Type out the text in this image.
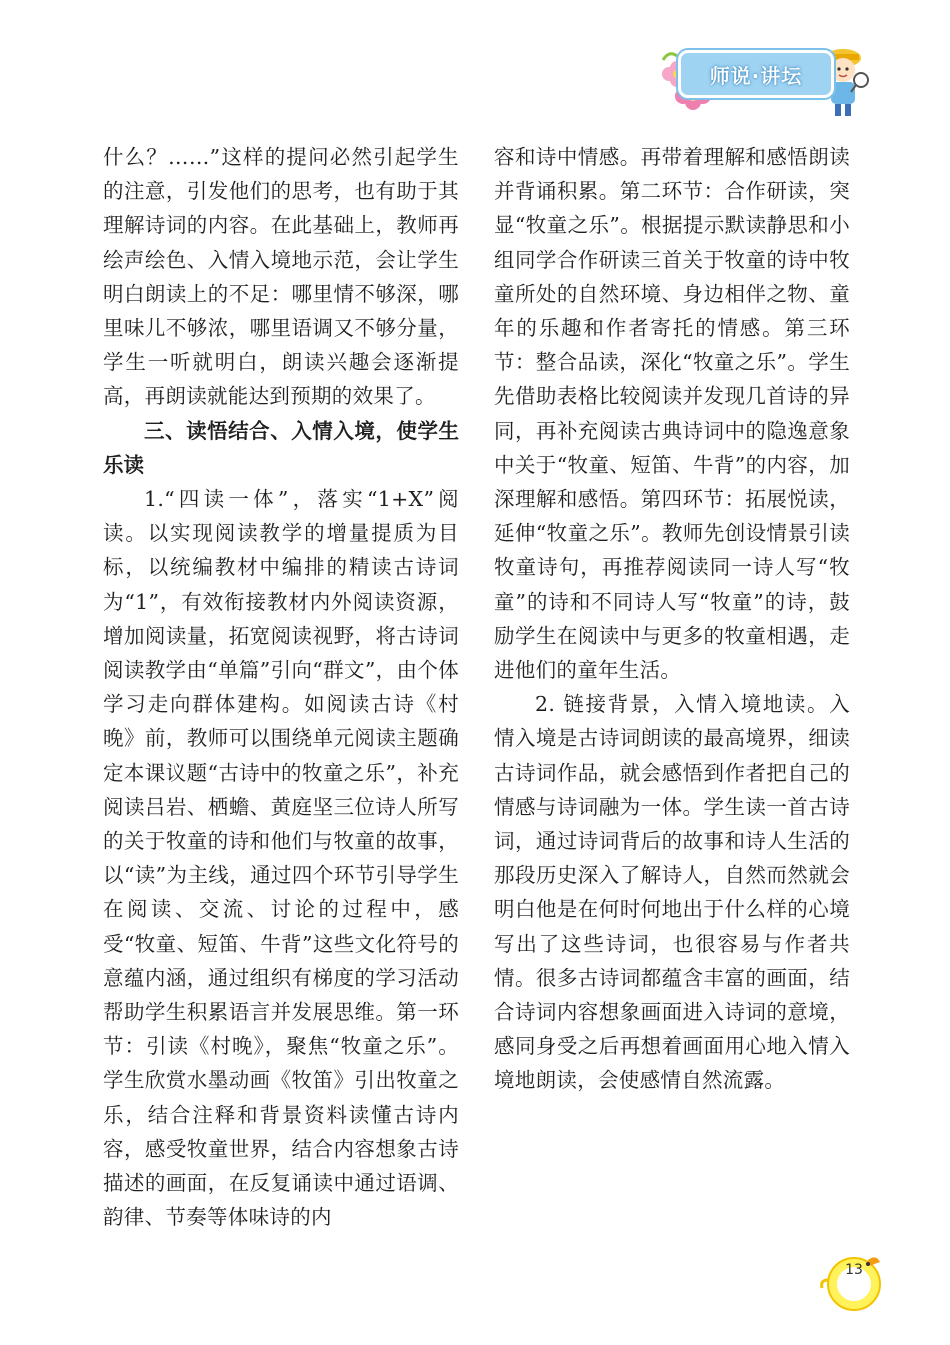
师说·讲坛

什么？……”这样的提问必然引起学生的注意，引发他们的思考，也有助于其理解诗词的内容。在此基础上，教师再绘声绘色、入情入境地示范，会让学生明白朗读上的不足：哪里情不够深，哪里味儿不够浓，哪里语调又不够分量，学生一听就明白，朗读兴趣会逐渐提高，再朗读就能达到预期的效果了。

三、读悟结合、入情入境，使学生乐读

1.“四读一体”，落实“1+X”阅读。以实现阅读教学的增量提质为目标，以统编教材中编排的精读古诗词为“1”，有效衔接教材内外阅读资源，增加阅读量，拓宽阅读视野，将古诗词阅读教学由“单篇”引向“群文”，由个体学习走向群体建构。如阅读古诗《村晚》前，教师可以围绕单元阅读主题确定本课议题“古诗中的牧童之乐”，补充阅读吕岩、栖蟾、黄庭坚三位诗人所写的关于牧童的诗和他们与牧童的故事，以“读”为主线，通过四个环节引导学生在阅读、交流、讨论的过程中，感受“牧童、短笛、牛背”这些文化符号的意蕴内涵，通过组织有梯度的学习活动帮助学生积累语言并发展思维。第一环节：引读《村晚》，聚焦“牧童之乐”。学生欣赏水墨动画《牧笛》引出牧童之乐，结合注释和背景资料读懂古诗内容，感受牧童世界，结合内容想象古诗描述的画面，在反复诵读中通过语调、韵律、节奏等体味诗的内

容和诗中情感。再带着理解和感悟朗读并背诵积累。第二环节：合作研读，突显“牧童之乐”。根据提示默读静思和小组同学合作研读三首关于牧童的诗中牧童所处的自然环境、身边相伴之物、童年的乐趣和作者寄托的情感。第三环节：整合品读，深化“牧童之乐”。学生先借助表格比较阅读并发现几首诗的异同，再补充阅读古典诗词中的隐逸意象中关于“牧童、短笛、牛背”的内容，加深理解和感悟。第四环节：拓展悦读，延伸“牧童之乐”。教师先创设情景引读牧童诗句，再推荐阅读同一诗人写“牧童”的诗和不同诗人写“牧童”的诗，鼓励学生在阅读中与更多的牧童相遇，走进他们的童年生活。

2. 链接背景，入情入境地读。入情入境是古诗词朗读的最高境界，细读古诗词作品，就会感悟到作者把自己的情感与诗词融为一体。学生读一首古诗词，通过诗词背后的故事和诗人生活的那段历史深入了解诗人，自然而然就会明白他是在何时何地出于什么样的心境写出了这些诗词，也很容易与作者共情。很多古诗词都蕴含丰富的画面，结合诗词内容想象画面进入诗词的意境，感同身受之后再想着画面用心地入情入境地朗读，会使感情自然流露。

13
